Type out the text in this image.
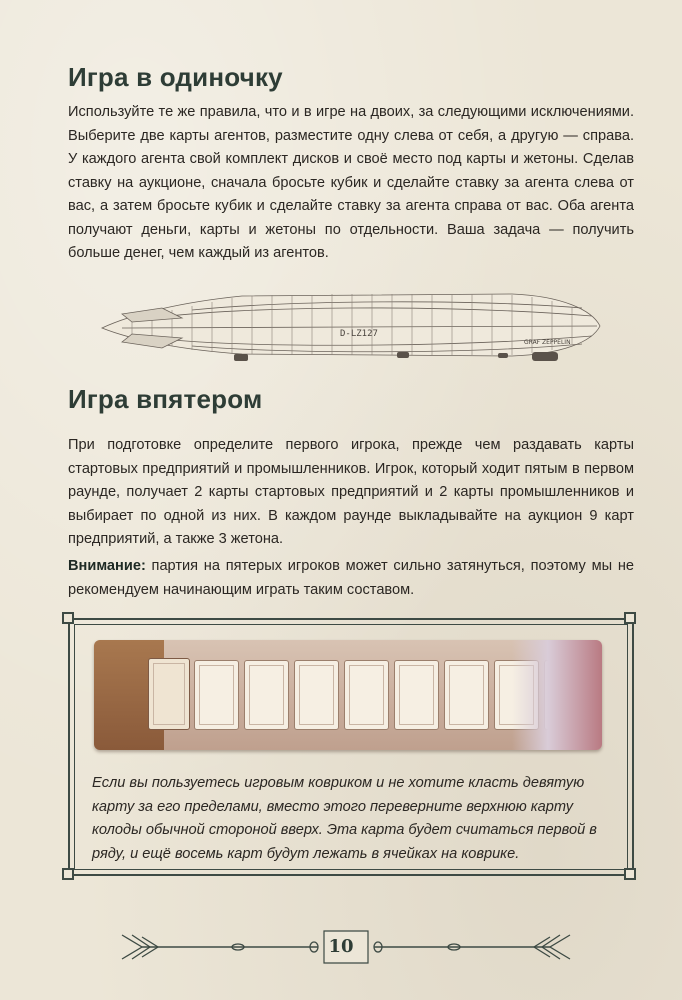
Игра в одиночку

Используйте те же правила, что и в игре на двоих, за следующими исключениями. Выберите две карты агентов, разместите одну слева от себя, а другую — справа. У каждого агента свой комплект дисков и своё место под карты и жетоны. Сделав ставку на аукционе, сначала бросьте кубик и сделайте ставку за агента слева от вас, а затем бросьте кубик и сделайте ставку за агента справа от вас. Оба агента получают деньги, карты и жетоны по отдельности. Ваша задача — получить больше денег, чем каждый из агентов.

D-LZ127
GRAF ZEPPELIN
Игра впятером

При подготовке определите первого игрока, прежде чем раздавать карты стартовых предприятий и промышленников. Игрок, который ходит пятым в первом раунде, получает 2 карты стартовых предприятий и 2 карты промышленников и выбирает по одной из них. В каждом раунде выкладывайте на аукцион 9 карт предприятий, а также 3 жетона.

Внимание: партия на пятерых игроков может сильно затянуться, поэтому мы не рекомендуем начинающим играть таким составом.

Если вы пользуетесь игровым ковриком и не хотите класть девятую карту за его пределами, вместо этого переверните верхнюю карту колоды обычной стороной вверх. Эта карта будет считаться первой в ряду, и ещё восемь карт будут лежать в ячейках на коврике.

10
